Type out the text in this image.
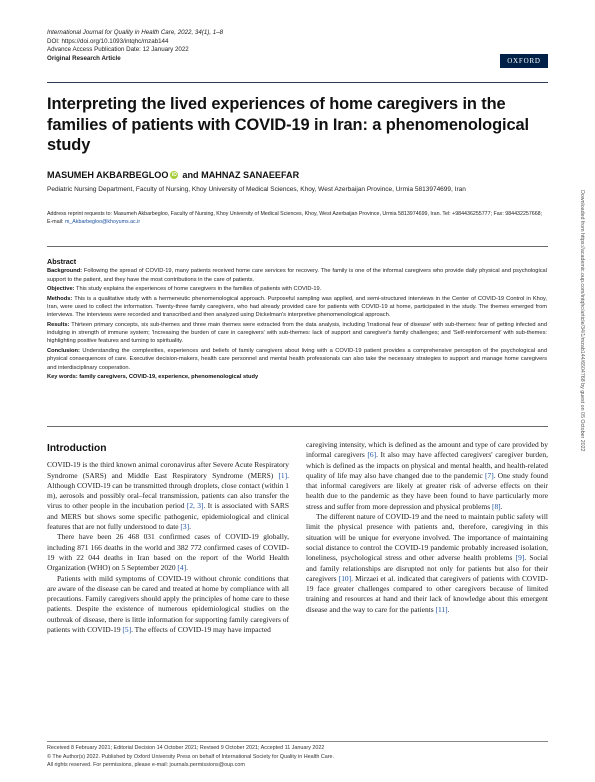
International Journal for Quality in Health Care, 2022, 34(1), 1–8
DOI: https://doi.org/10.1093/intqhc/mzab144
Advance Access Publication Date: 12 January 2022
Original Research Article	OXFORD
Interpreting the lived experiences of home caregivers in the families of patients with COVID-19 in Iran: a phenomenological study
MASUMEH AKBARBEGLOO iD and
MAHNAZ SANAEEFAR
Pediatric Nursing Department, Faculty of Nursing, Khoy University of Medical Sciences, Khoy, West Azerbaijan Province, Urmia 5813974699, Iran
Address reprint requests to: Masumeh Akbarbegloo, Faculty of Nursing, Khoy University of Medical Sciences, Khoy, West Azerbaijan Province, Urmia 5813974699, Iran. Tel: +984436255777; Fax: 984432257668; E-mail: m_Akbarbegloo@khoyums.ac.ir	Downloaded from https://academic.oup.com/intqhc/article/34/1/mzab144/6504768 by guest on 05 October 2022
Abstract

Background: Following the spread of COVID-19, many patients received home care services for recovery. The family is one of the informal caregivers who provide daily physical and psychological support to the patient, and they have the most contributions in the care of patients.

Objective: This study explains the experiences of home caregivers in the families of patients with COVID-19.

Methods: This is a qualitative study with a hermeneutic phenomenological approach. Purposeful sampling was applied, and semi-structured interviews in the Center of COVID-19 Control in Khoy, Iran, were used to collect the information. Twenty-three family caregivers, who had already provided care for patients with COVID-19 at home, participated in the study. The themes emerged from interviews. The interviews were recorded and transcribed and then analyzed using Dickelman's interpretive phenomenological approach.

Results: Thirteen primary concepts, six sub-themes and three main themes were extracted from the data analysis, including 'Irrational fear of disease' with sub-themes: fear of getting infected and indulging in strength of immune system; 'Increasing the burden of care in caregivers' with sub-themes: lack of support and caregiver's family challenges; and 'Self-reinforcement' with sub-themes: highlighting positive features and turning to spirituality.

Conclusion: Understanding the complexities, experiences and beliefs of family caregivers about living with a COVID-19 patient provides a comprehensive perception of the psychological and physical consequences of care. Executive decision-makers, health care personnel and mental health professionals can also take the necessary strategies to support and manage home caregivers and interdisciplinary cooperation.

Key words: family caregivers, COVID-19, experience, phenomenological study

Introduction

COVID-19 is the third known animal coronavirus after Severe Acute Respiratory Syndrome (SARS) and Middle East Respiratory Syndrome (MERS) [1]. Although COVID-19 can be transmitted through droplets, close contact (within 1 m), aerosols and possibly oral–fecal transmission, patients can also transfer the virus to other people in the incubation period [2, 3]. It is associated with SARS and MERS but shows some specific pathogenic, epidemiological and clinical features that are not fully understood to date [3].

There have been 26 468 031 confirmed cases of COVID-19 globally, including 871 166 deaths in the world and 382 772 confirmed cases of COVID-19 with 22 044 deaths in Iran based on the report of the World Health Organization (WHO) on 5 September 2020 [4].

Patients with mild symptoms of COVID-19 without chronic conditions that are aware of the disease can be cared and treated at home by compliance with all precautions. Family caregivers should apply the principles of home care to these patients. Despite the existence of numerous epidemiological studies on the outbreak of disease, there is little information for supporting family caregivers of patients with COVID-19 [5]. The effects of COVID-19 may have impacted

caregiving intensity, which is defined as the amount and type of care provided by informal caregivers [6]. It also may have affected caregivers' caregiver burden, which is defined as the impacts on physical and mental health, and health-related quality of life may also have changed due to the pandemic [7]. One study found that informal caregivers are likely at greater risk of adverse effects on their health due to the pandemic as they have been found to have particularly more stress and suffer from more depression and physical problems [8].

The different nature of COVID-19 and the need to maintain public safety will limit the physical presence with patients and, therefore, caregiving in this situation will be unique for everyone involved. The importance of maintaining social distance to control the COVID-19 pandemic probably increased isolation, loneliness, psychological stress and other adverse health problems [9]. Social and family relationships are disrupted not only for patients but also for their caregivers [10]. Mirzaei et al. indicated that caregivers of patients with COVID-19 face greater challenges compared to other caregivers because of limited training and resources at hand and their lack of knowledge about this emergent disease and the way to care for the patients [11].

Received 8 February 2021; Editorial Decision 14 October 2021; Revised 9 October 2021; Accepted 11 January 2022
© The Author(s) 2022. Published by Oxford University Press on behalf of International Society for Quality in Health Care.
All rights reserved. For permissions, please e-mail: journals.permissions@oup.com
